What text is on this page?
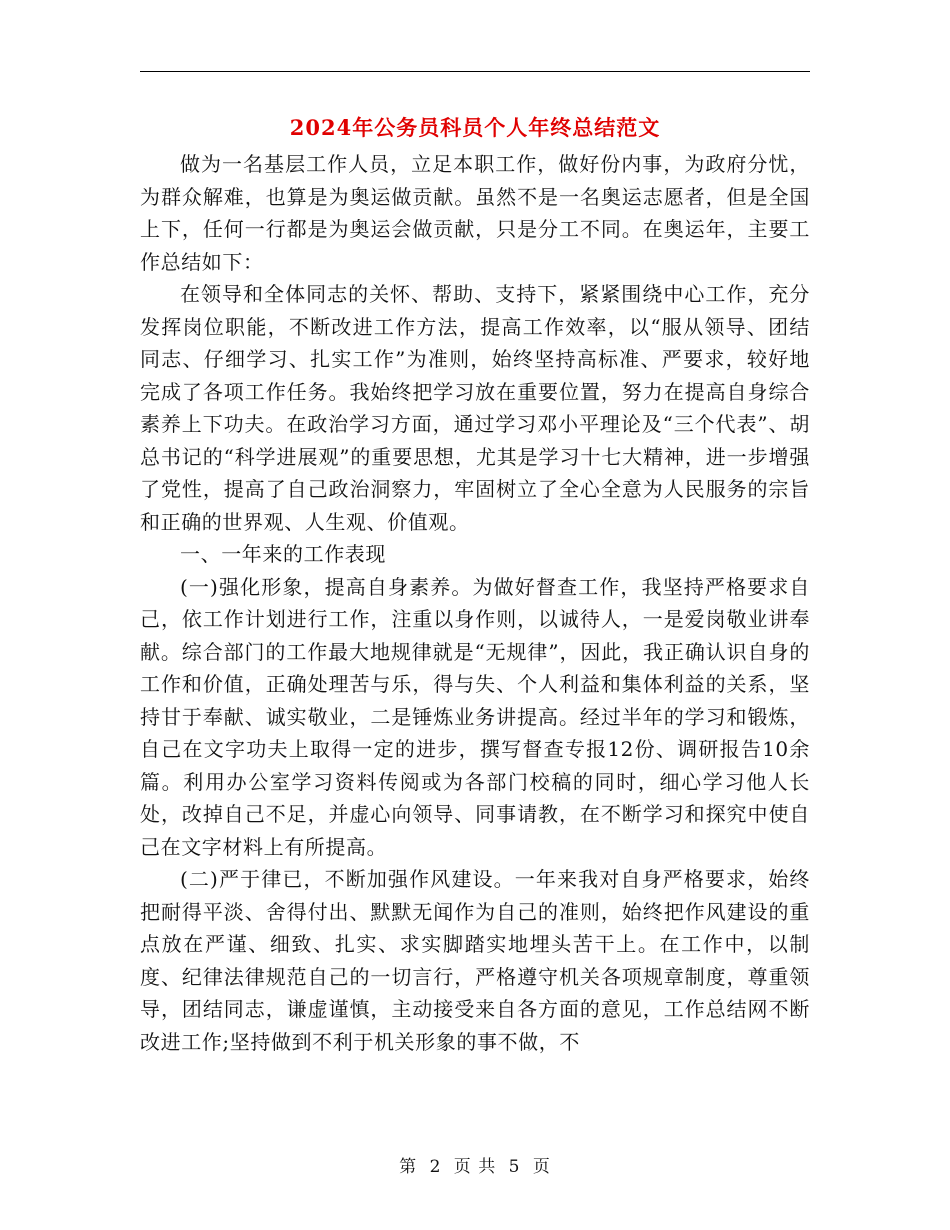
2024年公务员科员个人年终总结范文

做为一名基层工作人员，立足本职工作，做好份内事，为政府分忧，为群众解难，也算是为奥运做贡献。虽然不是一名奥运志愿者，但是全国上下，任何一行都是为奥运会做贡献，只是分工不同。在奥运年，主要工作总结如下：

在领导和全体同志的关怀、帮助、支持下，紧紧围绕中心工作，充分发挥岗位职能，不断改进工作方法，提高工作效率，以“服从领导、团结同志、仔细学习、扎实工作”为准则，始终坚持高标准、严要求，较好地完成了各项工作任务。我始终把学习放在重要位置，努力在提高自身综合素养上下功夫。在政治学习方面，通过学习邓小平理论及“三个代表”、胡总书记的“科学进展观”的重要思想，尤其是学习十七大精神，进一步增强了党性，提高了自己政治洞察力，牢固树立了全心全意为人民服务的宗旨和正确的世界观、人生观、价值观。

一、一年来的工作表现

(一)强化形象，提高自身素养。为做好督查工作，我坚持严格要求自己，依工作计划进行工作，注重以身作则，以诚待人，一是爱岗敬业讲奉献。综合部门的工作最大地规律就是“无规律”，因此，我正确认识自身的工作和价值，正确处理苦与乐，得与失、个人利益和集体利益的关系，坚持甘于奉献、诚实敬业，二是锤炼业务讲提高。经过半年的学习和锻炼，自己在文字功夫上取得一定的进步，撰写督查专报12份、调研报告10余篇。利用办公室学习资料传阅或为各部门校稿的同时，细心学习他人长处，改掉自己不足，并虚心向领导、同事请教，在不断学习和探究中使自己在文字材料上有所提高。

(二)严于律已，不断加强作风建设。一年来我对自身严格要求，始终把耐得平淡、舍得付出、默默无闻作为自己的准则，始终把作风建设的重点放在严谨、细致、扎实、求实脚踏实地埋头苦干上。在工作中，以制度、纪律法律规范自己的一切言行，严格遵守机关各项规章制度，尊重领导，团结同志，谦虚谨慎，主动接受来自各方面的意见，工作总结网不断改进工作;坚持做到不利于机关形象的事不做，不

第 2 页 共 5 页
